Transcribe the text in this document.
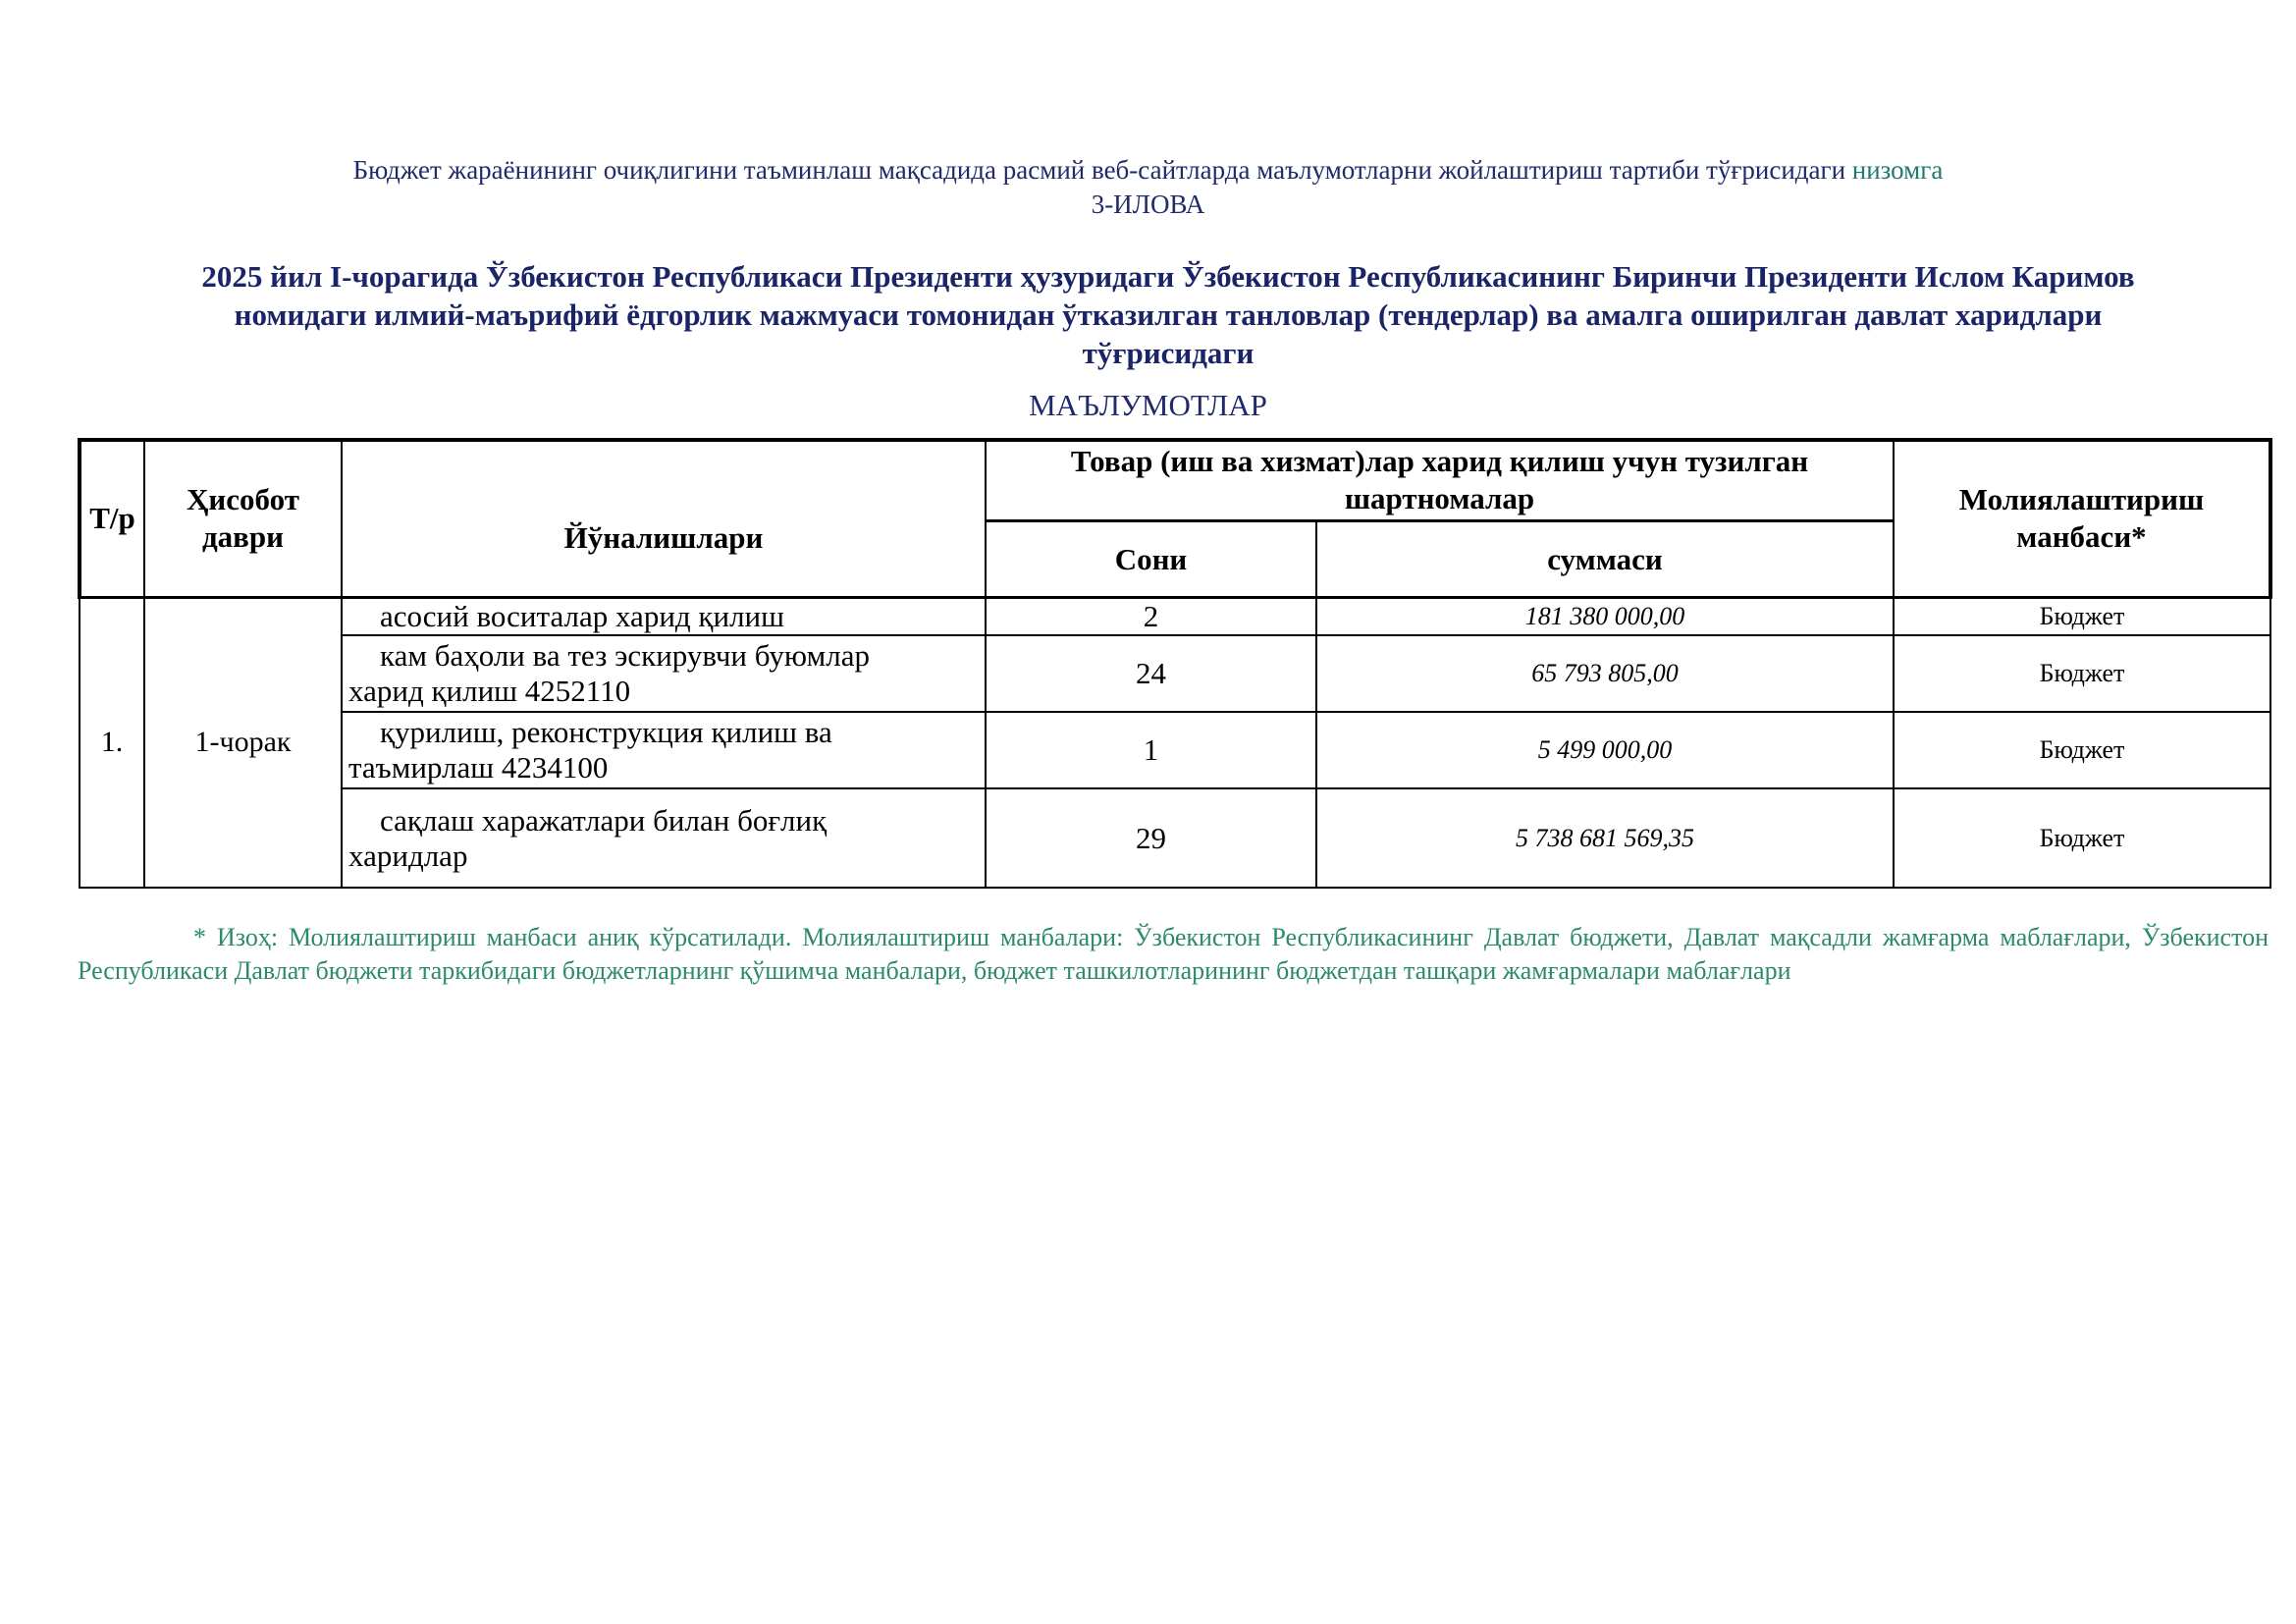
Бюджет жараёнининг очиқлигини таъминлаш мақсадида расмий веб-сайтларда маълумотларни жойлаштириш тартиби тўғрисидаги низомга
3-ИЛОВА
2025 йил I-чорагида Ўзбекистон Республикаси Президенти ҳузуридаги Ўзбекистон Республикасининг Биринчи Президенти Ислом Каримов
номидаги илмий-маърифий ёдгорлик мажмуаси томонидан ўтказилган танловлар (тендерлар) ва амалга оширилган давлат харидлари
тўғрисидаги
МАЪЛУМОТЛАР
Т/р	Ҳисобот даври	Йўналишлари	Товар (иш ва хизмат)лар харид қилиш учун тузилган шартномалар		Молиялаштириш манбаси*
			Сони	суммаси	
1.	1-чорак	асосий воситалар харид қилиш	2	181 380 000,00	Бюджет

		кам баҳоли ва тез эскирувчи буюмлар
харид қилиш 4252110	24	65 793 805,00	Бюджет

		қурилиш, реконструкция қилиш ва
таъмирлаш 4234100	1	5 499 000,00	Бюджет

		сақлаш харажатлари билан боғлиқ
харидлар	29	5 738 681 569,35	Бюджет
* Изоҳ: Молиялаштириш манбаси аниқ кўрсатилади. Молиялаштириш манбалари: Ўзбекистон Республикасининг Давлат бюджети, Давлат мақсадли жамғарма маблағлари, Ўзбекистон Республикаси Давлат бюджети таркибидаги бюджетларнинг қўшимча манбалари, бюджет ташкилотларининг бюджетдан ташқари жамғармалари маблағлари
